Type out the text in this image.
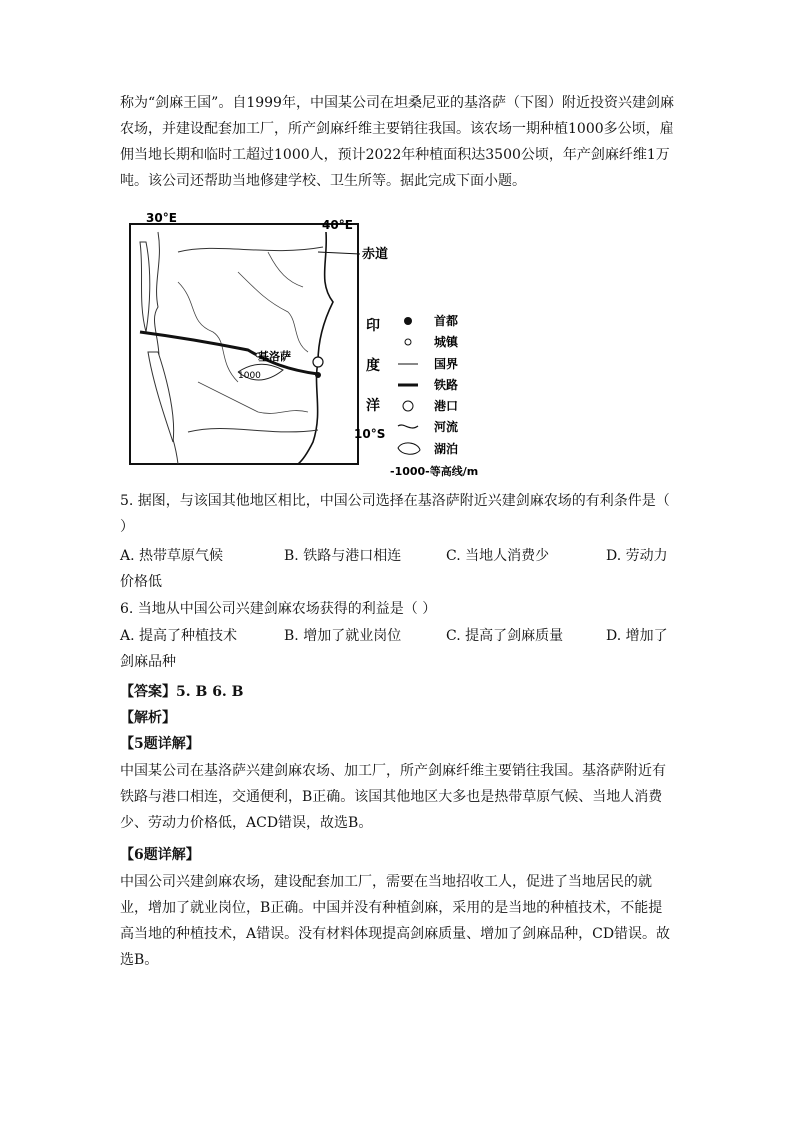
称为“剑麻王国”。自1999年，中国某公司在坦桑尼亚的基洛萨（下图）附近投资兴建剑麻农场，并建设配套加工厂，所产剑麻纤维主要销往我国。该农场一期种植1000多公顷，雇佣当地长期和临时工超过1000人，预计2022年种植面积达3500公顷，年产剑麻纤维1万吨。该公司还帮助当地修建学校、卫生所等。据此完成下面小题。

30°E	40°E
赤道
印
度
洋
10°S
1000
基洛萨
首都
城镇
国界
铁路
港口
河流
湖泊
-1000-等高线/m
5. 据图，与该国其他地区相比，中国公司选择在基洛萨附近兴建剑麻农场的有利条件是（
）
A. 热带草原气候	B. 铁路与港口相连	C. 当地人消费少	D. 劳动力
价格低
6. 当地从中国公司兴建剑麻农场获得的利益是（ ）
A. 提高了种植技术	B. 增加了就业岗位	C. 提高了剑麻质量	D. 增加了
剑麻品种
【答案】5. B 6. B
【解析】
【5题详解】

中国某公司在基洛萨兴建剑麻农场、加工厂，所产剑麻纤维主要销往我国。基洛萨附近有铁路与港口相连，交通便利，B正确。该国其他地区大多也是热带草原气候、当地人消费少、劳动力价格低，ACD错误，故选B。

【6题详解】

中国公司兴建剑麻农场，建设配套加工厂，需要在当地招收工人，促进了当地居民的就业，增加了就业岗位，B正确。中国并没有种植剑麻，采用的是当地的种植技术，不能提高当地的种植技术，A错误。没有材料体现提高剑麻质量、增加了剑麻品种，CD错误。故选B。
